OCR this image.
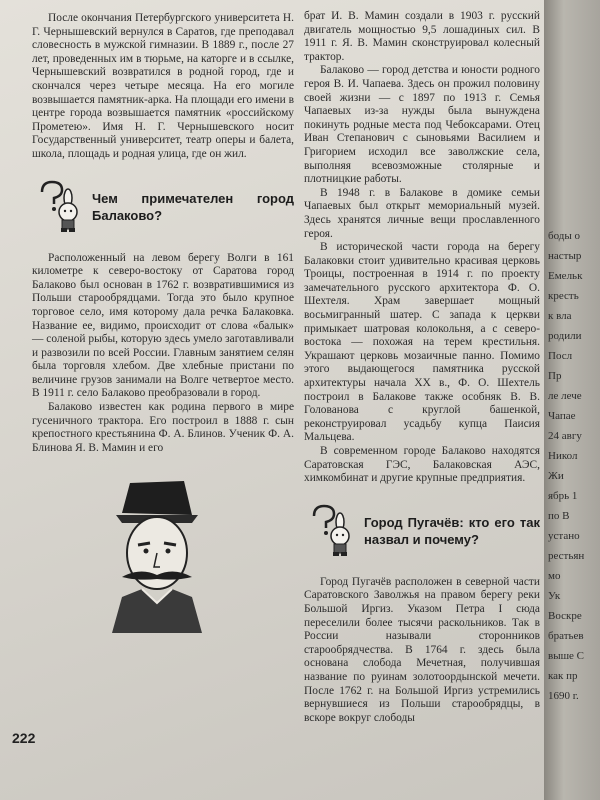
После окончания Петербургского университета Н. Г. Чернышевский вернулся в Саратов, где преподавал словесность в мужской гимназии. В 1889 г., после 27 лет, проведенных им в тюрьме, на каторге и в ссылке, Чернышевский возвратился в родной город, где и скончался через четыре месяца. На его могиле возвышается памятник-арка. На площади его имени в центре города возвышается памятник «российскому Прометею». Имя Н. Г. Чернышевского носит Государственный университет, театр оперы и балета, школа, площадь и родная улица, где он жил.

Чем примечателен город Балаково?

Расположенный на левом берегу Волги в 161 километре к северо-востоку от Саратова город Балаково был основан в 1762 г. возвратившимися из Польши старообрядцами. Тогда это было крупное торговое село, имя которому дала речка Балаковка. Название ее, видимо, происходит от слова «балык» — соленой рыбы, которую здесь умело заготавливали и развозили по всей России. Главным занятием селян была торговля хлебом. Две хлебные пристани по величине грузов занимали на Волге четвертое место. В 1911 г. село Балаково преобразовали в город.

Балаково известен как родина первого в мире гусеничного трактора. Его построил в 1888 г. сын крепостного крестьянина Ф. А. Блинов. Ученик Ф. А. Блинова Я. В. Мамин и его

брат И. В. Мамин создали в 1903 г. русский двигатель мощностью 9,5 лошадиных сил. В 1911 г. Я. В. Мамин сконструировал колесный трактор.

Балаково — город детства и юности родного героя В. И. Чапаева. Здесь он прожил половину своей жизни — с 1897 по 1913 г. Семья Чапаевых из-за нужды была вынуждена покинуть родные места под Чебоксарами. Отец Иван Степанович с сыновьями Василием и Григорием исходил все заволжские села, выполняя всевозможные столярные и плотницкие работы.

В 1948 г. в Балакове в домике семьи Чапаевых был открыт мемориальный музей. Здесь хранятся личные вещи прославленного героя.

В исторической части города на берегу Балаковки стоит удивительно красивая церковь Троицы, построенная в 1914 г. по проекту замечательного русского архитектора Ф. О. Шехтеля. Храм завершает мощный восьмигранный шатер. С запада к церкви примыкает шатровая колокольня, а с северо-востока — похожая на терем крестильня. Украшают церковь мозаичные панно. Помимо этого выдающегося памятника русской архитектуры начала XX в., Ф. О. Шехтель построил в Балакове также особняк В. В. Голованова с круглой башенкой, реконструировал усадьбу купца Паисия Мальцева.

В современном городе Балаково находятся Саратовская ГЭС, Балаковская АЭС, химкомбинат и другие крупные предприятия.

Город Пугачёв: кто его так назвал и почему?

Город Пугачёв расположен в северной части Саратовского Заволжья на правом берегу реки Большой Иргиз. Указом Петра I сюда переселили более тысячи раскольников. Так в России называли сторонников старообрядчества. В 1764 г. здесь была основана слобода Мечетная, получившая название по руинам золотоордынской мечети. После 1762 г. на Большой Иргиз устремились вернувшиеся из Польши старообрядцы, в вскоре вокруг слободы

222
боды о
настыр
Емельк
кресть
к вла
родили
Посл
Пр
ле лече
Чапае
24 авгу
Никол
Жи
ябрь 1
по В
устано
рестьян
мо
Ук
Воскре
братьев
выше С
как пр
1690 г.
